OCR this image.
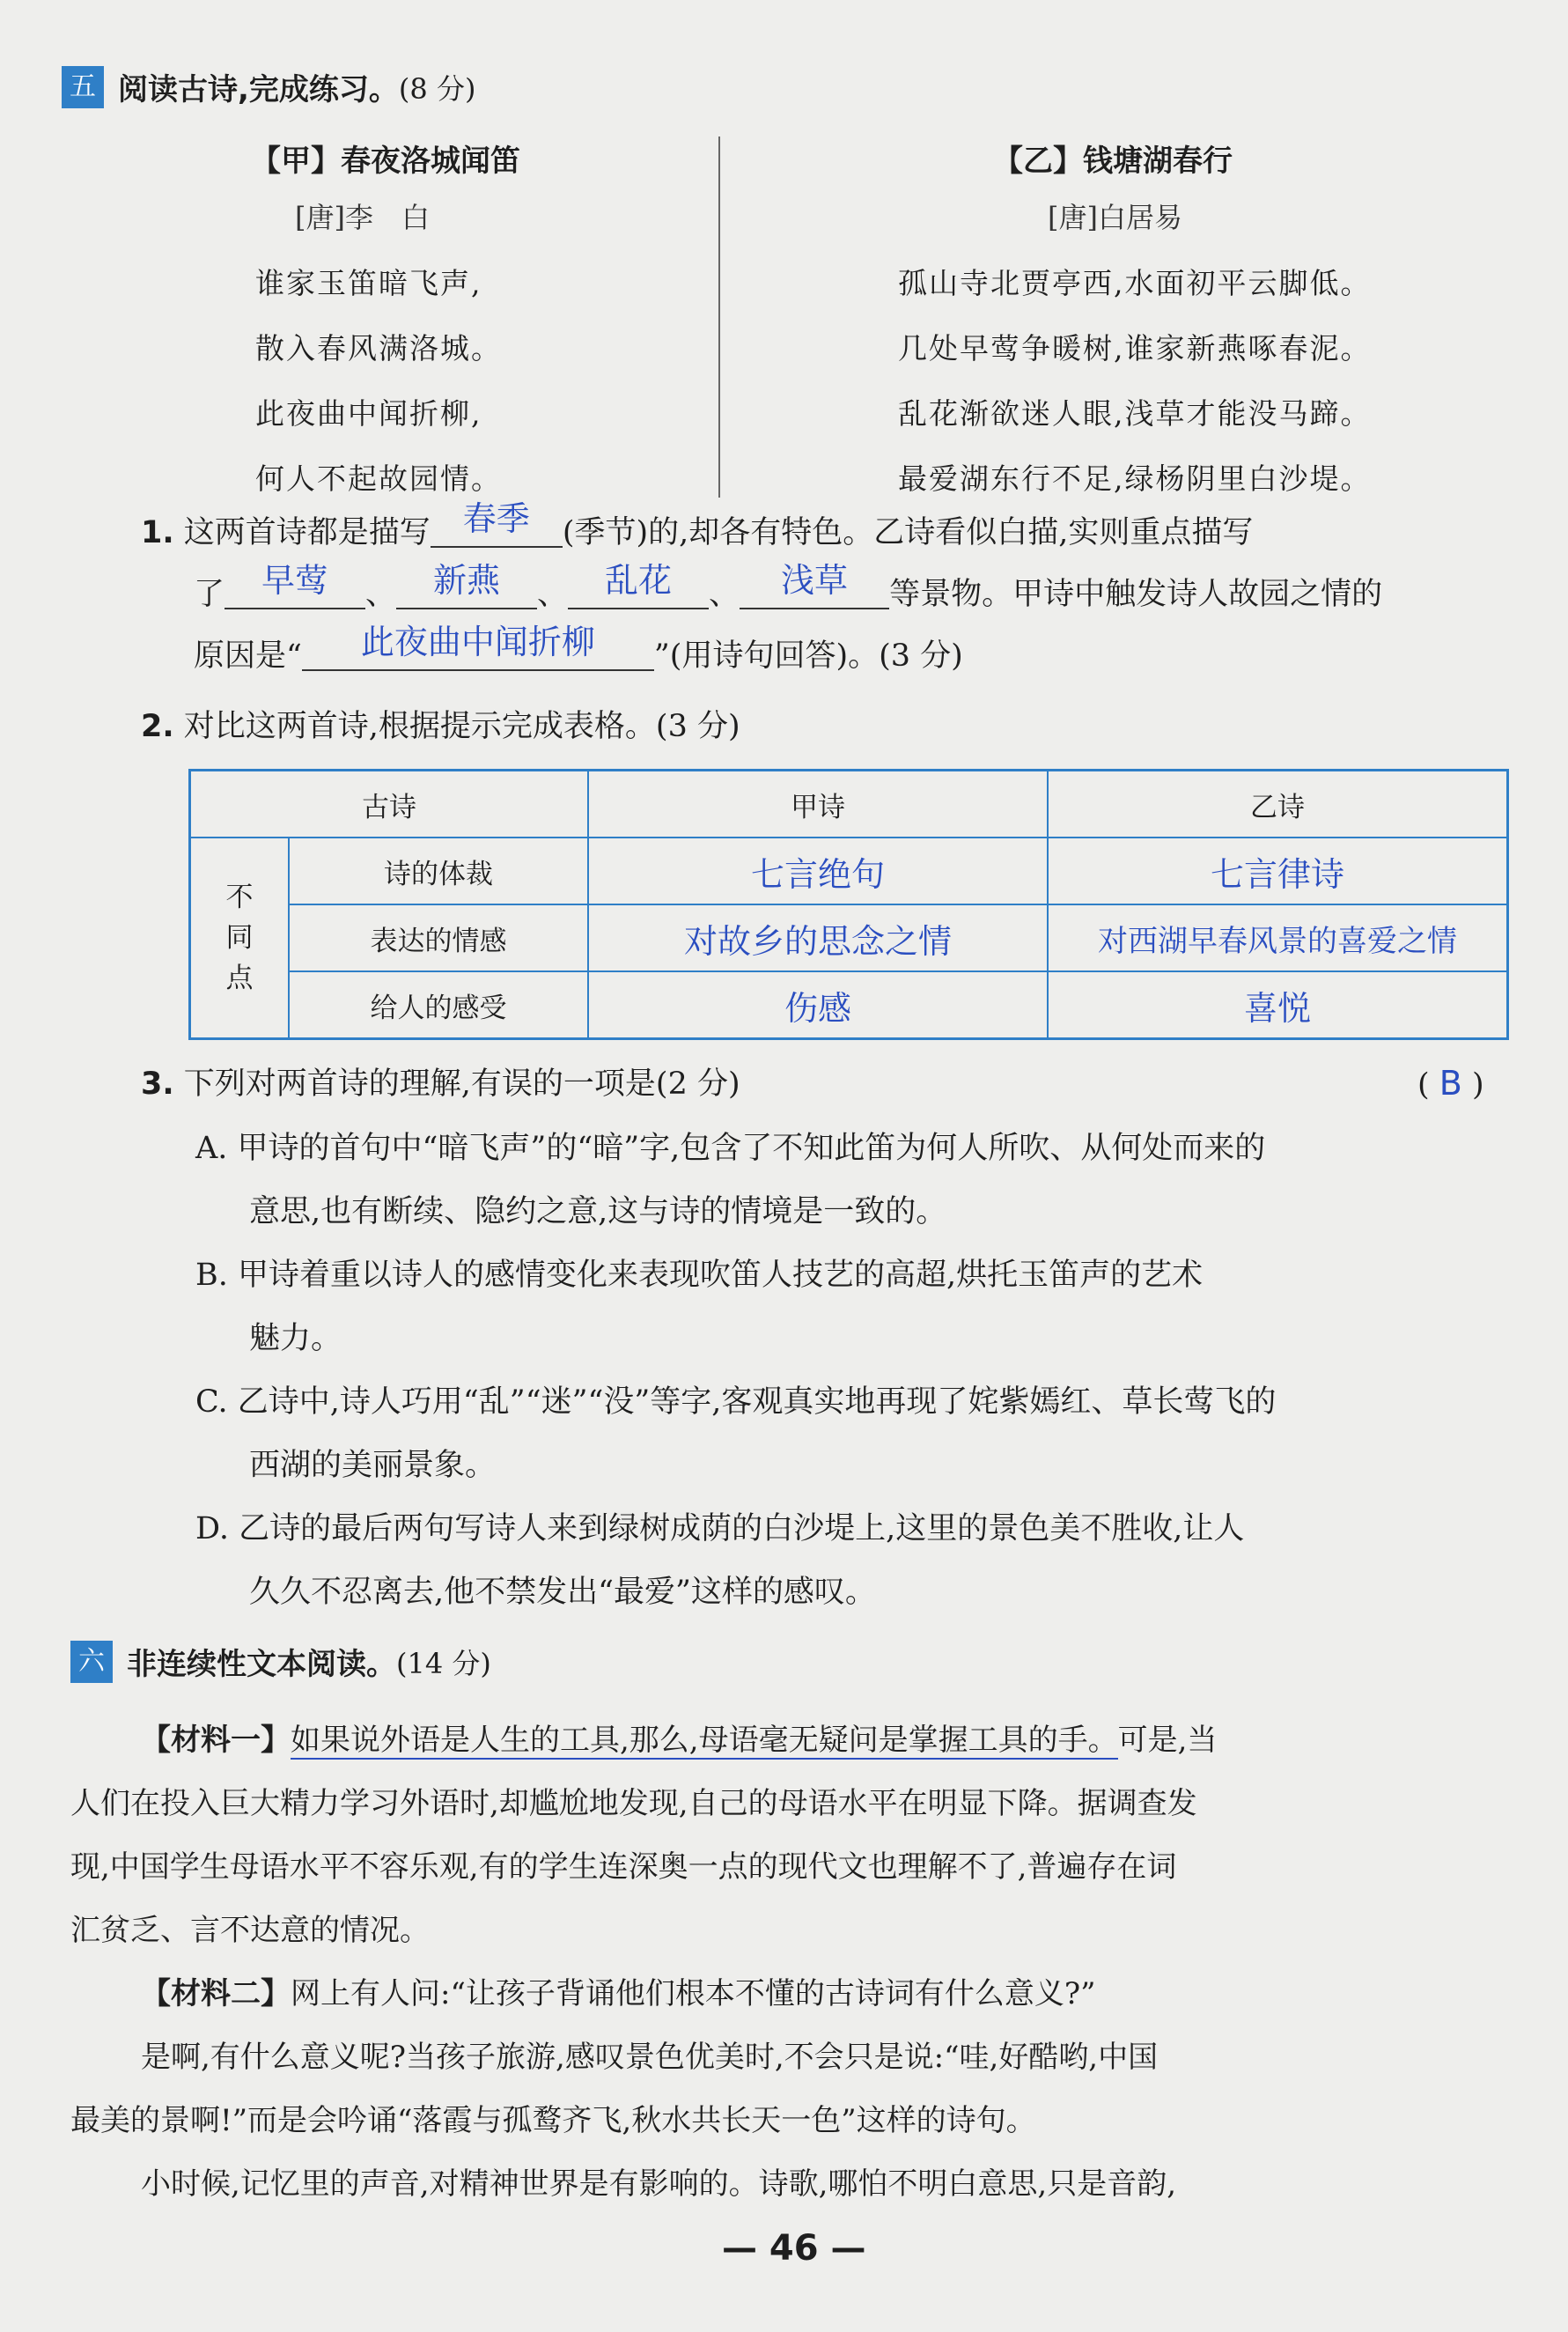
五 阅读古诗,完成练习。 (8 分)
【甲】春夜洛城闻笛
[唐]李　白
谁家玉笛暗飞声,
散入春风满洛城。
此夜曲中闻折柳,
何人不起故园情。
【乙】钱塘湖春行
[唐]白居易
孤山寺北贾亭西,水面初平云脚低。
几处早莺争暖树,谁家新燕啄春泥。
乱花渐欲迷人眼,浅草才能没马蹄。
最爱湖东行不足,绿杨阴里白沙堤。
1. 这两首诗都是描写 春季	(季节)的,却各有特色。乙诗看似白描,实则重点描写
了	早莺	、	新燕	、	乱花	、	浅草	等景物。甲诗中触发诗人故园之情的
原因是“	此夜曲中闻折柳	”(用诗句回答)。(3 分)
2. 对比这两首诗,根据提示完成表格。(3 分)
古诗		甲诗	乙诗
不同点	诗的体裁	七言绝句	七言律诗
	表达的情感	对故乡的思念之情	对西湖早春风景的喜爱之情
	给人的感受	伤感	喜悦
3. 下列对两首诗的理解,有误的一项是(2 分)	( B )
A. 甲诗的首句中“暗飞声”的“暗”字,包含了不知此笛为何人所吹、从何处而来的
意思,也有断续、隐约之意,这与诗的情境是一致的。
B. 甲诗着重以诗人的感情变化来表现吹笛人技艺的高超,烘托玉笛声的艺术
魅力。
C. 乙诗中,诗人巧用“乱”“迷”“没”等字,客观真实地再现了姹紫嫣红、草长莺飞的
西湖的美丽景象。
D. 乙诗的最后两句写诗人来到绿树成荫的白沙堤上,这里的景色美不胜收,让人
久久不忍离去,他不禁发出“最爱”这样的感叹。
六 非连续性文本阅读。 (14 分)
【材料一】如果说外语是人生的工具,那么,母语毫无疑问是掌握工具的手。可是,当
人们在投入巨大精力学习外语时,却尴尬地发现,自己的母语水平在明显下降。据调查发
现,中国学生母语水平不容乐观,有的学生连深奥一点的现代文也理解不了,普遍存在词
汇贫乏、言不达意的情况。
【材料二】网上有人问:“让孩子背诵他们根本不懂的古诗词有什么意义?”
是啊,有什么意义呢?当孩子旅游,感叹景色优美时,不会只是说:“哇,好酷哟,中国
最美的景啊!”而是会吟诵“落霞与孤鹜齐飞,秋水共长天一色”这样的诗句。
小时候,记忆里的声音,对精神世界是有影响的。诗歌,哪怕不明白意思,只是音韵,
— 46 —
